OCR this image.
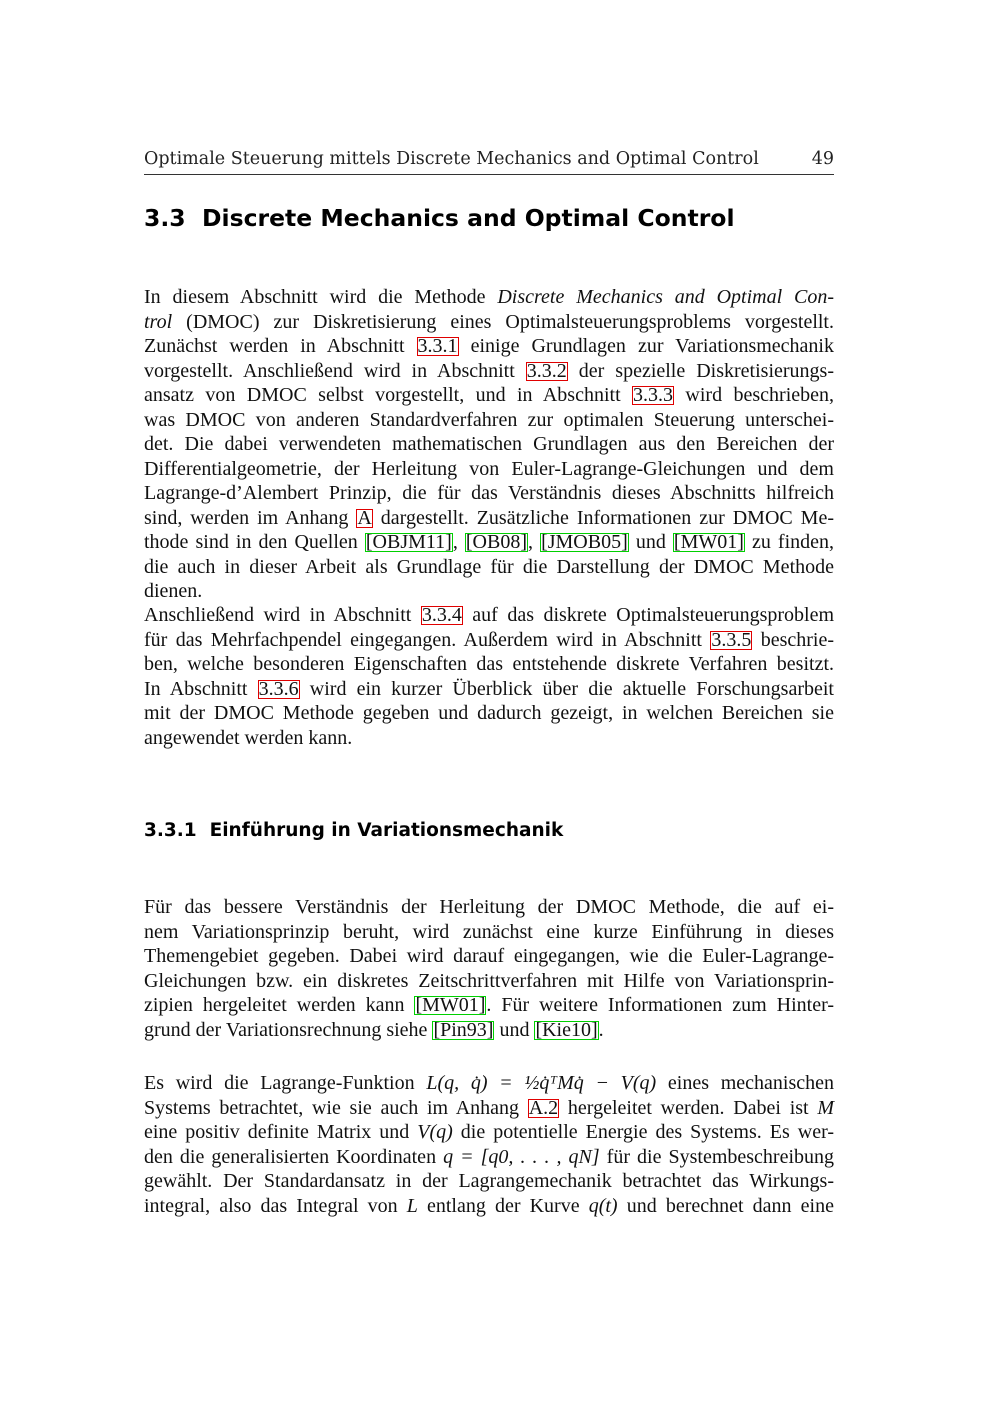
Optimale Steuerung mittels Discrete Mechanics and Optimal Control	49
3.3 Discrete Mechanics and Optimal Control
In diesem Abschnitt wird die Methode Discrete Mechanics and Optimal Con-
trol (DMOC) zur Diskretisierung eines Optimalsteuerungsproblems vorgestellt.
Zunächst werden in Abschnitt 3.3.1 einige Grundlagen zur Variationsmechanik
vorgestellt. Anschließend wird in Abschnitt 3.3.2 der spezielle Diskretisierungs-
ansatz von DMOC selbst vorgestellt, und in Abschnitt 3.3.3 wird beschrieben,
was DMOC von anderen Standardverfahren zur optimalen Steuerung unterschei-
det. Die dabei verwendeten mathematischen Grundlagen aus den Bereichen der
Differentialgeometrie, der Herleitung von Euler-Lagrange-Gleichungen und dem
Lagrange-d’Alembert Prinzip, die für das Verständnis dieses Abschnitts hilfreich
sind, werden im Anhang A dargestellt. Zusätzliche Informationen zur DMOC Me-
thode sind in den Quellen [OBJM11], [OB08], [JMOB05] und [MW01] zu finden,
die auch in dieser Arbeit als Grundlage für die Darstellung der DMOC Methode
dienen.
Anschließend wird in Abschnitt 3.3.4 auf das diskrete Optimalsteuerungsproblem
für das Mehrfachpendel eingegangen. Außerdem wird in Abschnitt 3.3.5 beschrie-
ben, welche besonderen Eigenschaften das entstehende diskrete Verfahren besitzt.
In Abschnitt 3.3.6 wird ein kurzer Überblick über die aktuelle Forschungsarbeit
mit der DMOC Methode gegeben und dadurch gezeigt, in welchen Bereichen sie
angewendet werden kann.
3.3.1 Einführung in Variationsmechanik
Für das bessere Verständnis der Herleitung der DMOC Methode, die auf ei-
nem Variationsprinzip beruht, wird zunächst eine kurze Einführung in dieses
Themengebiet gegeben. Dabei wird darauf eingegangen, wie die Euler-Lagrange-
Gleichungen bzw. ein diskretes Zeitschrittverfahren mit Hilfe von Variationsprin-
zipien hergeleitet werden kann [MW01]. Für weitere Informationen zum Hinter-
grund der Variationsrechnung siehe [Pin93] und [Kie10].
Es wird die Lagrange-Funktion L(q, q̇) = ½q̇ᵀMq̇ − V(q) eines mechanischen
Systems betrachtet, wie sie auch im Anhang A.2 hergeleitet werden. Dabei ist M
eine positiv definite Matrix und V(q) die potentielle Energie des Systems. Es wer-
den die generalisierten Koordinaten q = [q0, . . . , qN] für die Systembeschreibung
gewählt. Der Standardansatz in der Lagrangemechanik betrachtet das Wirkungs-
integral, also das Integral von L entlang der Kurve q(t) und berechnet dann eine
